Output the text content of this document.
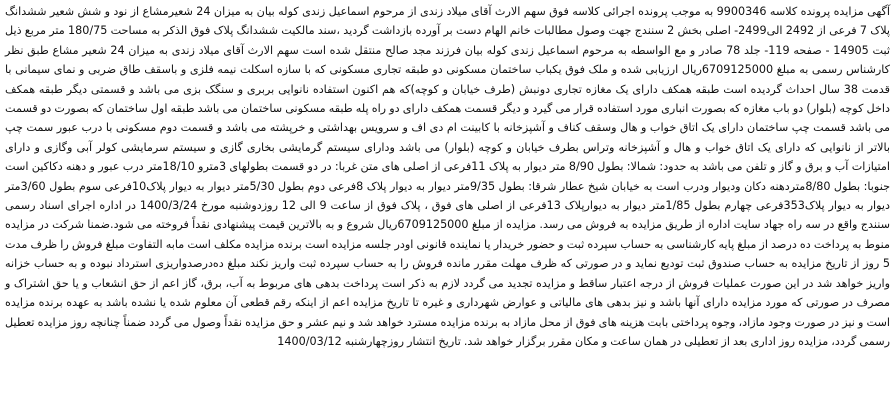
آگهی مزایده پرونده کلاسه 9900346 به موجب پرونده اجرائی کلاسه فوق سهم الارث آقای میلاد زندی از مرحوم اسماعیل زندی کوله بیان به میزان 24 شعیرمشاع از نود و شش شعیر ششدانگ پلاک 7 فرعی از 2492 الی2499- اصلی بخش 2 سنندج جهت وصول مطالبات خانم الهام دست بر آورده بازداشت گردید ،سند مالکیت ششدانگ پلاک فوق الذکر به مساحت 180/75 متر مربع ذیل ثبت 14905 - صفحه 119- جلد 78 صادر و مع الواسطه به مرحوم اسماعیل زندی کوله بیان فرزند مجد صالح منتقل شده است سهم الارث آقای میلاد زندی به میزان 24 شعیر مشاع طبق نظر کارشناس رسمی به مبلغ 6709125000ریال ارزیابی شده و ملک فوق یکباب ساختمان مسکونی دو طبقه تجاری مسکونی که با سازه اسکلت نیمه فلزی و باسقف طاق ضربی و نمای سیمانی با قدمت 38 سال احداث گردیده است طبقه همکف دارای یک مغازه تجاری دونبش (طرف خیابان و کوچه)که هم اکنون استفاده نانوایی بربری و سنگک بزی می باشد و قسمتی دیگر طبقه همکف داخل کوچه (بلوار) دو باب مغازه که بصورت انباری مورد استفاده قرار می گیرد و دیگر قسمت همکف دارای دو راه پله طبقه مسکونی ساختمان می باشد طبقه اول ساختمان که بصورت دو قسمت می باشد قسمت چپ ساختمان دارای یک اتاق خواب و هال وسقف کناف و آشپزخانه با کابینت ام دی اف و سرویس بهداشتی و خرپشته می باشد و قسمت دوم مسکونی با درب عبور سمت چپ بالاتر از نانوایی که دارای یک اتاق خواب و هال و آشپزخانه وتراس بطرف خیابان و کوچه (بلوار) می باشد ودارای سیستم گرمایشی بخاری گازی و سیستم سرمایشی کولر آبی وگازی و دارای امتیازات آب و برق و گاز و تلفن می باشد به حدود: شمالا: بطول 8/90 متر دیوار به پلاک 11فرعی از اصلی های متن غربا: در دو قسمت بطولهای 3مترو 18/10متر درب عبور و دهنه دکاکین است جنوبا: بطول 8/80متردهنه دکان ودیوار ودرب است به خیابان شیخ عطار شرقا: بطول 9/35متر دیوار به دیوار پلاک 8فرعی دوم بطول 5/30متر دیوار به دیوار پلاک10فرعی سوم بطول 3/60متر دیوار به دیوار پلاک353فرعی چهارم بطول 1/85متر دیوار به دیوارپلاک 13فرعی از اصلی های فوق ، پلاک فوق از ساعت 9 الی 12 روزدوشنبه مورخ 1400/3/24 در اداره اجرای اسناد رسمی سنندج واقع در سه راه جهاد سایت اداره از طریق مزایده به فروش می رسد. مزایده از مبلغ 6709125000ریال شروع و به بالاترین قیمت پیشنهادی نقداً فروخته می شود.ضمنا شرکت در مزایده منوط به پرداخت ده درصد از مبلغ پایه کارشناسی به حساب سپرده ثبت و حضور خریدار یا نماینده قانونی اودر جلسه مزایده است برنده مزایده مکلف است مابه التفاوت مبلغ فروش را ظرف مدت 5 روز از تاریخ مزایده به حساب صندوق ثبت تودیع نماید و در صورتی که ظرف مهلت مقرر مانده فروش را به حساب سپرده ثبت واریز نکند مبلغ ده‌درصدواریزی استرداد نبوده و به حساب خزانه واریز خواهد شد در این صورت عملیات فروش از درجه اعتبار ساقط و مزایده تجدید می گردد لازم به ذکر است پرداخت بدهی های مربوط به آب، برق، گاز اعم از حق انشعاب و یا حق اشتراک و مصرف در صورتی که مورد مزایده دارای آنها باشد و نیز بدهی های مالیاتی و عوارض شهرداری و غیره تا تاریخ مزایده اعم از اینکه رقم قطعی آن معلوم شده یا نشده باشد به عهده برنده مزایده است و نیز در صورت وجود مازاد، وجوه پرداختی بابت هزینه های فوق از محل مازاد به برنده مزایده مسترد خواهد شد و نیم عشر و حق مزایده نقداً وصول می گردد ضمناً چنانچه روز مزایده تعطیل رسمی گردد، مزایده روز اداری بعد از تعطیلی در همان ساعت و مکان مقرر برگزار خواهد شد. تاریخ انتشار روزچهارشنبه 1400/03/12
